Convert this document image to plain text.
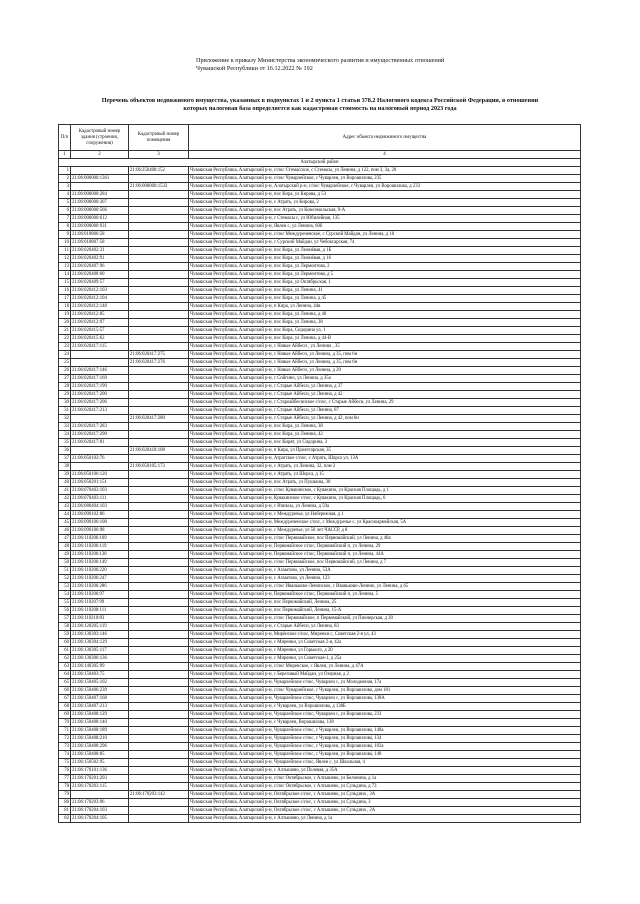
Приложение к приказу Министерства экономического развития и имущественных отношений
Чувашской Республики от 16.12.2022 № 192
Перечень объектов недвижимого имущества, указанных в подпунктах 1 и 2 пункта 1 статьи 378.2 Налогового кодекса Российской Федерации, в отношении
которых налоговая база определяется как кадастровая стоимость на налоговый период 2023 года
П/п	Кадастровый номер здания (строения, сооружения)	Кадастровый номер помещения	Адрес объекта недвижимого имущества
1	2	3	4
Алатырский район			
1		21:06:250408:152	Чувашская Республика, Алатырский р-н, с/пос Стемасское, с Стемасы, ул Ленина, д 122, пом 3, 3а, 20
2	21:06:000000:1361		Чувашская Республика, Алатырский р-н, с/пос Чуварлейское, с Чуварлеи, ул Ворошилова, 235
3		21:06:000000:1533	Чувашская Республика, Алатырский р-н, Алатырский р-н, с/пос Чуварлейское, с Чуварлеи, ул Ворошилова, д 233
4	21:06:000000:284		Чувашская Республика, Алатырский р-н, пос Кира, ул Кирова, д 53
5	21:06:000000:307		Чувашская Республика, Алатырский р-н, с Атрать, ул Кирова, 2
6	21:06:000000:566		Чувашская Республика, Алатырский р-н, пос Атрать, ул Комсомольская, 9-А
7	21:06:000000:612		Чувашская Республика, Алатырский р-н, с Стемасы с, ул Юбилейная, 135
8	21:06:000000:931		Чувашская Республика, Алатырский р-н, Явлеи с, ул Ленина, 60б
9	21:06:010806:58		Чувашская Республика, Алатырский р-н, с/пос Междуреченское, с Сурский Майдан, ул Ленина, д 10
10	21:06:010807:58		Чувашская Республика, Алатырский р-н, с Сурский Майдан, ул Чебоксарская, 74
11	21:06:020402:31		Чувашская Республика, Алатырский р-н, пос Кира, ул Лежнёвая, д 1Б
12	21:06:020402:91		Чувашская Республика, Алатырский р-н, пос Кира, ул Лежнёвая, д 16
13	21:06:020407:96		Чувашская Республика, Алатырский р-н, пос Кира, ул Лермонтова, 2
14	21:06:020408:60		Чувашская Республика, Алатырский р-н, пос Кира, ул Лермонтова, д 5
15	21:06:020409:57		Чувашская Республика, Алатырский р-н, пос Кира, ул Октябрьская, 1
16	21:06:020412:103		Чувашская Республика, Алатырский р-н, пос Кира, ул Ленина, 41
17	21:06:020412:104		Чувашская Республика, Алатырский р-н, пос Кира, ул Ленина, д 45
18	21:06:020412:148		Чувашская Республика, Алатырский р-н, п Кира, ул Ленина, 44в
19	21:06:020412:85		Чувашская Республика, Алатырский р-н, пос Кира, ул Ленина, д 40
20	21:06:020412:97		Чувашская Республика, Алатырский р-н, пос Кира, ул Ленина, 38
21	21:06:020415:57		Чувашская Республика, Алатырский р-н, пос Кира, Сидорина ул, 1
22	21:06:020415:62		Чувашская Республика, Алатырский р-н, пос Кира, ул Ленина, д 44-В
23	21:06:020417:115		Чувашская Республика, Алатырский р-н, с Новые Айбеси , ул Ленина , 35
24		21:06:020417:275	Чувашская Республика, Алатырский р-н, с Новые Айбеси, ул Ленина, д 35, пом 6н
25		21:06:020417:276	Чувашская Республика, Алатырский р-н, с Новые Айбеси, ул Ленина, д 35, пом 6н
26	21:06:020417:146		Чувашская Республика, Алатырский р-н, с Новые Айбеси, ул Ленина, д 20
27	21:06:020417:169		Чувашская Республика, Алатырский р-н, с Сойгино, ул Ленина, д 35а
28	21:06:020417:199		Чувашская Республика, Алатырский р-н, с Старые Айбеси, ул Ленина, д 37
29	21:06:020417:200		Чувашская Республика, Алатырский р-н, с Старые Айбеси, ул Ленина, д 42
30	21:06:020417:206		Чувашская Республика, Алатырский р-н, с Староайбесинское с/пос, с Старые Айбеси, ул Ленина, 29
31	21:06:020417:213		Чувашская Республика, Алатырский р-н, с Старые Айбеси, ул Ленина, 87
32		21:06:020417:280	Чувашская Республика, Алатырский р-н, с Старые Айбеси, ул Ленина, д 42, пом 6н
33	21:06:020417:283		Чувашская Республика, Алатырский р-н, пос Кира, ул Ленина, 38
34	21:06:020417:290		Чувашская Республика, Алатырский р-н, пос Кира, ул Ленина, 42
35	21:06:020417:81		Чувашская Республика, Алатырский р-н, пос Кирят, ул Сидорина, 3
36		21:06:020418:108	Чувашская Республика, Алатырский р-н, п Кира, ул Пролетарская, 35
37	21:06:050103:76		Чувашская Республика, Алатырский р-н, Атратское с/пос, с Атрать, Шорса ул, 13А
38		21:06:050105:173	Чувашская Республика, Алатырский р-н, с Атрать, ул Ленина, 32, пом 2
39	21:06:050106:120		Чувашская Республика, Алатырский р-н, с Атрать, ул Шорса, д 15
40	21:06:050201:151		Чувашская Республика, Алатырский р-н, пос Атрать, ул Пушкина, 30
41	21:06:070403:103		Чувашская Республика, Алатырский р-н, с/пос Кувакинское, с Кувакино, ул Красная Площадь, д 1
42	21:06:070403:111		Чувашская Республика, Алатырский р-н, Кувакинское с/пос, с Кувакино, ул Красная Площадь, 6
43	21:06:080404:103		Чувашская Республика, Алатырский р-н, с Ичиксы, ул Ленина, д 59а
44	21:06:090102:86		Чувашская Республика, Алатырский р-н, с Междуречье, ул Набережная, д 1
45	21:06:090106:108		Чувашская Республика, Алатырский р-н, Междуреченское с/пос, с Междуречье с, ул Красноармейская, 5А
46	21:06:090106:98		Чувашская Республика, Алатырский р-н, с Междуречье, ул 50 лет ЧАССР, д 8
47	21:06:110206:109		Чувашская Республика, Алатырский р-н, с/пос Первомайское, пос Первомайский, ул Ленина, д 48а
48	21:06:110206:119		Чувашская Республика, Алатырский р-н, Первомайское с/пос, Первомайский п, ул Ленина, 29
49	21:06:110206:138		Чувашская Республика, Алатырский р-н, Первомайское с/пос, Первомайский п, ул Ленина, 44А
50	21:06:110206:149		Чувашская Республика, Алатырский р-н, с/пос Первомайское, пос Первомайский, ул Ленина, д 7
51	21:06:110206:220		Чувашская Республика, Алатырский р-н, с Ахматово, ул Ленина, 53А
52	21:06:110206:247		Чувашская Республика, Алатырский р-н, с Ахматово, ул Ленина, 123
53	21:06:110206:286		Чувашская Республика, Алатырский р-н, с/пос Иваньково-Ленинское, с Иваньково-Ленино, ул Ленина, д 65
54	21:06:110206:97		Чувашская Республика, Алатырский р-н, Первомайское с/пос, Первомайский п, ул Ленина, 5
55	21:06:110207:99		Чувашская Республика, Алатырский р-н, пос Первомайский, Ленина, 25
56	21:06:110208:111		Чувашская Республика, Алатырский р-н, пос Первомайский, Ленина, 15-А
57	21:06:110210:83		Чувашская Республика, Алатырский р-н, с/пос Первомайское, п Первомайский, ул Пионерская, д 20
58	21:06:120205:119		Чувашская Республика, Алатырский р-н, с Старые Айбеси, ул Ленина, 83
59	21:06:130303:146		Чувашская Республика, Алатырский р-н, Мирёнское с/пос, Миренки с, Советская 2-я ул, 43
60	21:06:130304:129		Чувашская Республика, Алатырский р-н, с Миренки, ул Советская 2-я, 42а
61	21:06:130305:117		Чувашская Республика, Алатырский р-н, с Миренки, ул Горького, д 20
62	21:06:130306:136		Чувашская Республика, Алатырский р-н, с Миренки, ул Советская-1, д 25а
63	21:06:140305:99		Чувашская Республика, Алатырский р-н, с/пос Миренское, с Явлеи, ул Ленина, д 47А
64	21:06:150403:75		Чувашская Республика, Алатырский р-н, с Березовый Майдан, ул Озерная, д 2
65	21:06:150405:102		Чувашская Республика, Алатырский р-н, Чуварлейское с/пос, Чуварлеи с, ул Молодежная, 17а
66	21:06:150406:239		Чувашская Республика, Алатырский р-н, с/пос Чуварлейское, с Чуварлеи, ул Ворошилова, дом 181
67	21:06:150407:168		Чувашская Республика, Алатырский р-н, Чуварлейское с/пос, Чуварлеи с, ул Ворошилова, 138А
68	21:06:150407:213		Чувашская Республика, Алатырский р-н, с Чуварлеи, ул Ворошилова, д 138Б
69	21:06:150408:129		Чувашская Республика, Алатырский р-н, Чуварлейское с/пос, Чуварлеи с, ул Ворошилова, 233
70	21:06:150408:140		Чувашская Республика, Алатырский р-н, с Чуварлеи, Ворошилова, 138
71	21:06:150408:189		Чувашская Республика, Алатырский р-н, Чуварлейское с/пос, с Чуварлеи, ул Ворошилова, 148а
72	21:06:150408:210		Чувашская Республика, Алатырский р-н, Чуварлейское с/пос, с Чуварлеи, ул Ворошилова, 134
73	21:06:150408:296		Чувашская Республика, Алатырский р-н, Чуварлейское с/пос, с Чуварлеи, ул Ворошилова, 103а
74	21:06:150408:85		Чувашская Республика, Алатырский р-н, Чуварлейское с/пос, с Чуварлеи, ул Ворошилова, 148
75	21:06:150502:95		Чувашская Республика, Алатырский р-н, Чуварлейское с/пос, Явлеи с, ул Школьная, 4
76	21:06:170101:136		Чувашская Республика, Алатырский р-н, с Алтышево, ул Полевая, д 35А
77	21:06:170201:203		Чувашская Республика, Алатырский р-н, с/пос Октябрьское, с Алтышево, ул Белонина, д 1а
78	21:06:170203:115		Чувашская Республика, Алатырский р-н, с/пос Октябрьское, с Алтышево, ул Сульдина, д 73
79		21:06:170203:142	Чувашская Республика, Алатырский р-н, Октябрьское с/пос, с Алтышево, ул Сульдина , 3А
80	21:06:170203:96		Чувашская Республика, Алатырский р-н, Октябрьское с/пос, с Алтышево, ул Сульдина, 3
81	21:06:170204:103		Чувашская Республика, Алатырский р-н, Октябрьское с/пос, с Алтышево, ул Сульдина , 2А
82	21:06:170204:105		Чувашская Республика, Алатырский р-н, с Алтышево, ул Ленина, д 1а
